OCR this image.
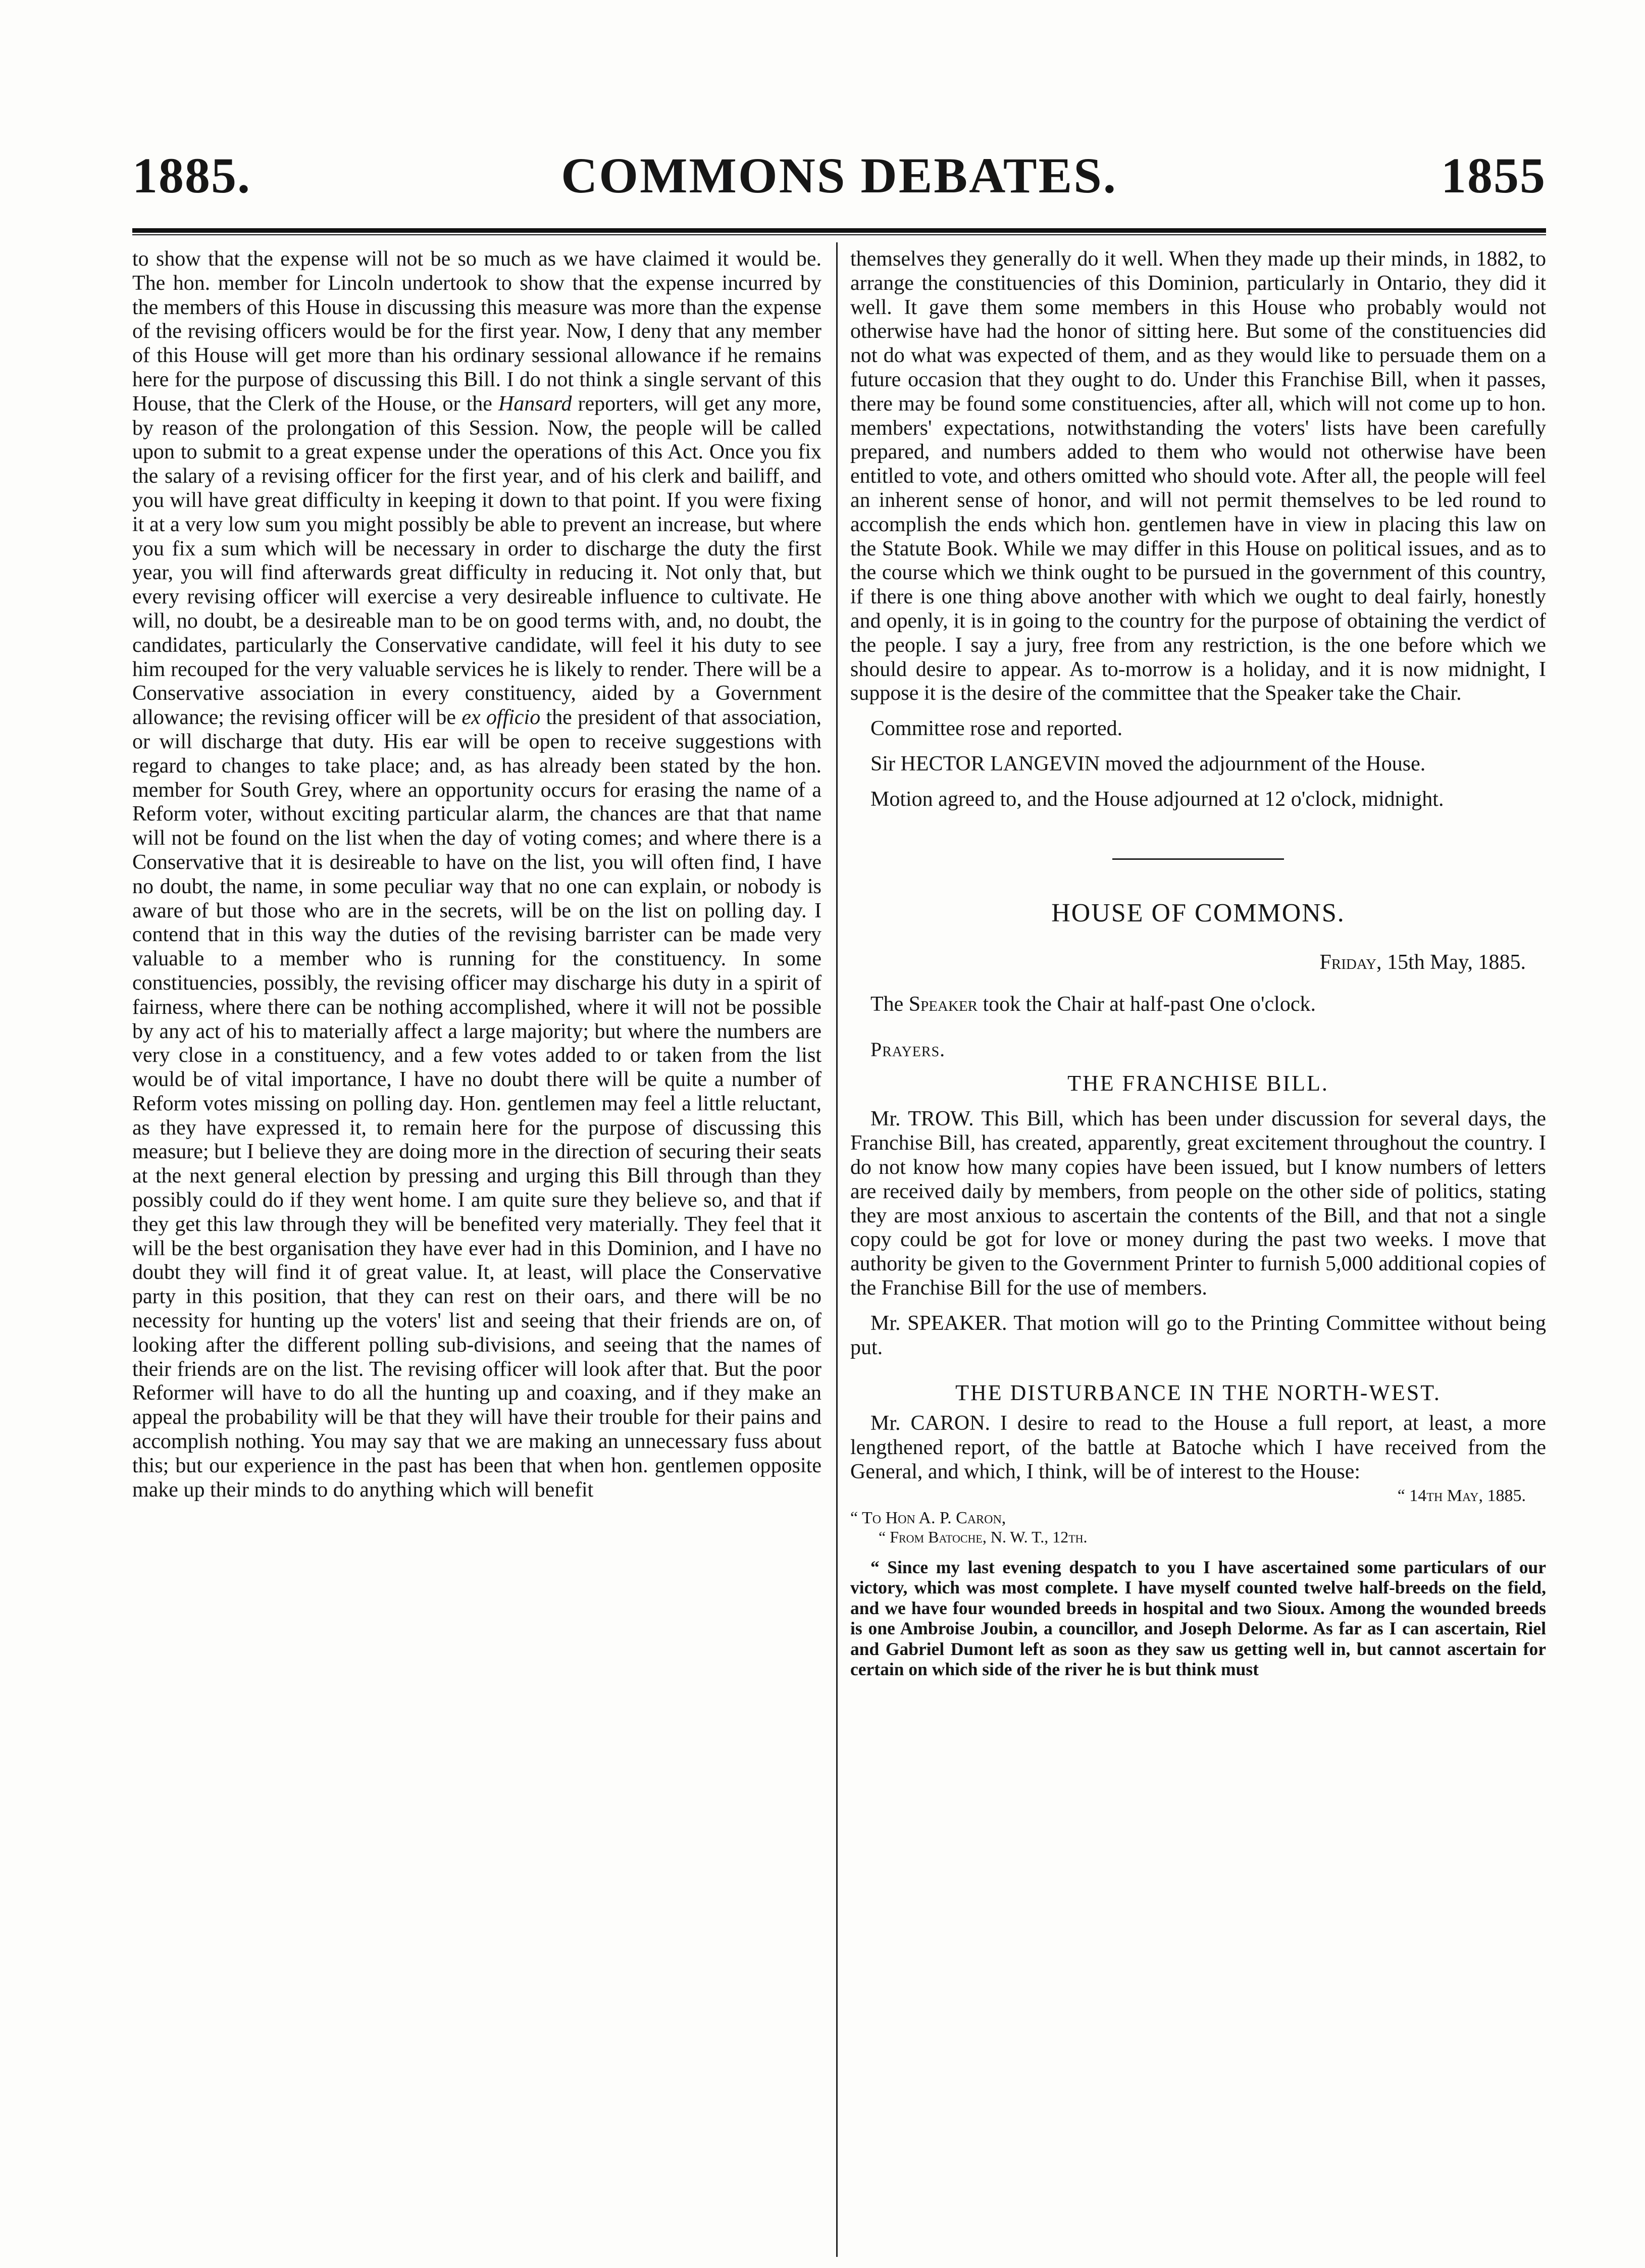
1885.	COMMONS DEBATES.	1855

to show that the expense will not be so much as we have claimed it would be. The hon. member for Lincoln undertook to show that the expense incurred by the members of this House in discussing this measure was more than the expense of the revising officers would be for the first year. Now, I deny that any member of this House will get more than his ordinary sessional allowance if he remains here for the purpose of discussing this Bill. I do not think a single servant of this House, that the Clerk of the House, or the Hansard reporters, will get any more, by reason of the prolongation of this Session. Now, the people will be called upon to submit to a great expense under the operations of this Act. Once you fix the salary of a revising officer for the first year, and of his clerk and bailiff, and you will have great difficulty in keeping it down to that point. If you were fixing it at a very low sum you might possibly be able to prevent an increase, but where you fix a sum which will be necessary in order to discharge the duty the first year, you will find afterwards great difficulty in reducing it. Not only that, but every revising officer will exercise a very desireable influence to cultivate. He will, no doubt, be a desireable man to be on good terms with, and, no doubt, the candidates, particularly the Conservative candidate, will feel it his duty to see him recouped for the very valuable services he is likely to render. There will be a Conservative association in every constituency, aided by a Government allowance; the revising officer will be ex officio the president of that association, or will discharge that duty. His ear will be open to receive suggestions with regard to changes to take place; and, as has already been stated by the hon. member for South Grey, where an opportunity occurs for erasing the name of a Reform voter, without exciting particular alarm, the chances are that that name will not be found on the list when the day of voting comes; and where there is a Conservative that it is desireable to have on the list, you will often find, I have no doubt, the name, in some peculiar way that no one can explain, or nobody is aware of but those who are in the secrets, will be on the list on polling day. I contend that in this way the duties of the revising barrister can be made very valuable to a member who is running for the constituency. In some constituencies, possibly, the revising officer may discharge his duty in a spirit of fairness, where there can be nothing accomplished, where it will not be possible by any act of his to materially affect a large majority; but where the numbers are very close in a constituency, and a few votes added to or taken from the list would be of vital importance, I have no doubt there will be quite a number of Reform votes missing on polling day. Hon. gentlemen may feel a little reluctant, as they have expressed it, to remain here for the purpose of discussing this measure; but I believe they are doing more in the direction of securing their seats at the next general election by pressing and urging this Bill through than they possibly could do if they went home. I am quite sure they believe so, and that if they get this law through they will be benefited very materially. They feel that it will be the best organisation they have ever had in this Dominion, and I have no doubt they will find it of great value. It, at least, will place the Conservative party in this position, that they can rest on their oars, and there will be no necessity for hunting up the voters' list and seeing that their friends are on, of looking after the different polling sub-divisions, and seeing that the names of their friends are on the list. The revising officer will look after that. But the poor Reformer will have to do all the hunting up and coaxing, and if they make an appeal the probability will be that they will have their trouble for their pains and accomplish nothing. You may say that we are making an unnecessary fuss about this; but our experience in the past has been that when hon. gentlemen opposite make up their minds to do anything which will benefit

themselves they generally do it well. When they made up their minds, in 1882, to arrange the constituencies of this Dominion, particularly in Ontario, they did it well. It gave them some members in this House who probably would not otherwise have had the honor of sitting here. But some of the constituencies did not do what was expected of them, and as they would like to persuade them on a future occasion that they ought to do. Under this Franchise Bill, when it passes, there may be found some constituencies, after all, which will not come up to hon. members' expectations, notwithstanding the voters' lists have been carefully prepared, and numbers added to them who would not otherwise have been entitled to vote, and others omitted who should vote. After all, the people will feel an inherent sense of honor, and will not permit themselves to be led round to accomplish the ends which hon. gentlemen have in view in placing this law on the Statute Book. While we may differ in this House on political issues, and as to the course which we think ought to be pursued in the government of this country, if there is one thing above another with which we ought to deal fairly, honestly and openly, it is in going to the country for the purpose of obtaining the verdict of the people. I say a jury, free from any restriction, is the one before which we should desire to appear. As to-morrow is a holiday, and it is now midnight, I suppose it is the desire of the committee that the Speaker take the Chair.

Committee rose and reported.

Sir HECTOR LANGEVIN moved the adjournment of the House.

Motion agreed to, and the House adjourned at 12 o'clock, midnight.

HOUSE OF COMMONS.
Friday, 15th May, 1885.

The Speaker took the Chair at half-past One o'clock.

Prayers.
THE FRANCHISE BILL.

Mr. TROW. This Bill, which has been under discussion for several days, the Franchise Bill, has created, apparently, great excitement throughout the country. I do not know how many copies have been issued, but I know numbers of letters are received daily by members, from people on the other side of politics, stating they are most anxious to ascertain the contents of the Bill, and that not a single copy could be got for love or money during the past two weeks. I move that authority be given to the Government Printer to furnish 5,000 additional copies of the Franchise Bill for the use of members.

Mr. SPEAKER. That motion will go to the Printing Committee without being put.

THE DISTURBANCE IN THE NORTH-WEST.

Mr. CARON. I desire to read to the House a full report, at least, a more lengthened report, of the battle at Batoche which I have received from the General, and which, I think, will be of interest to the House:

“ 14th May, 1885.
“ To Hon A. P. Caron,
“ From Batoche, N. W. T., 12th.

“ Since my last evening despatch to you I have ascertained some particulars of our victory, which was most complete. I have myself counted twelve half-breeds on the field, and we have four wounded breeds in hospital and two Sioux. Among the wounded breeds is one Ambroise Joubin, a councillor, and Joseph Delorme. As far as I can ascertain, Riel and Gabriel Dumont left as soon as they saw us getting well in, but cannot ascertain for certain on which side of the river he is but think must
